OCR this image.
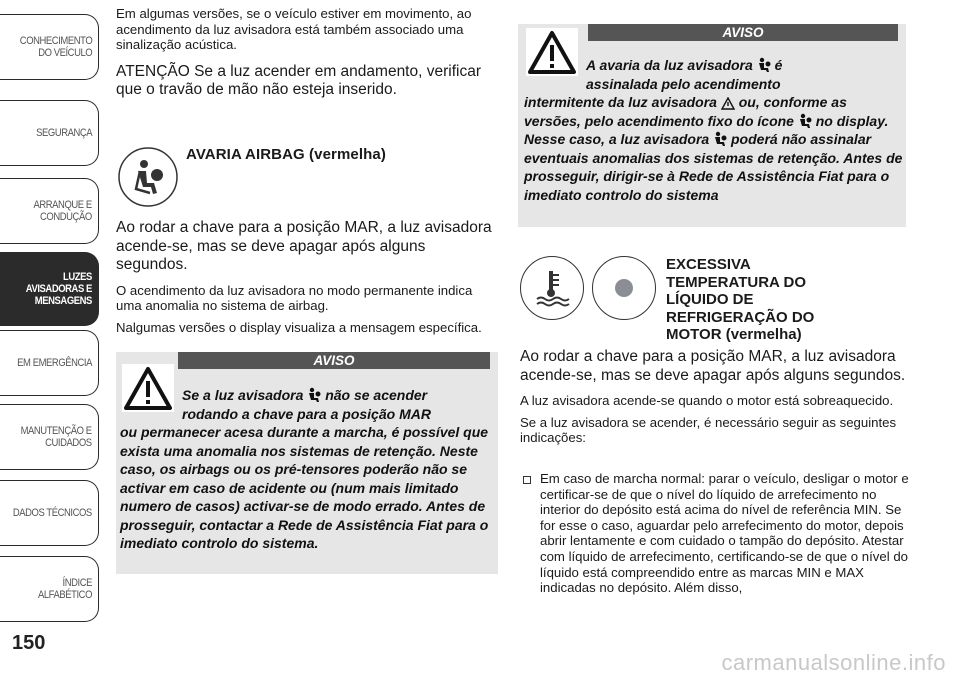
CONHECIMENTO
DO VEÍCULO
SEGURANÇA
ARRANQUE E
CONDUÇÃO
LUZES
AVISADORAS E
MENSAGENS
EM EMERGÊNCIA
MANUTENÇÃO E
CUIDADOS
DADOS TÉCNICOS
ÍNDICE ALFABÉTICO
150

Em algumas versões, se o veículo estiver em movimento, ao acendimento da luz avisadora está também associado uma sinalização acústica.

ATENÇÃO Se a luz acender em andamento, verificar que o travão de mão não esteja inserido.

AVARIA AIRBAG (vermelha)

Ao rodar a chave para a posição MAR, a luz avisadora acende-se, mas se deve apagar após alguns segundos.

O acendimento da luz avisadora no modo permanente indica uma anomalia no sistema de airbag.

Nalgumas versões o display visualiza a mensagem específica.

AVISO
Se a luz avisadora não se acender
rodando a chave para a posição MAR
ou permanecer acesa durante a marcha, é possível que exista uma anomalia nos sistemas de retenção. Neste caso, os airbags ou os pré-tensores poderão não se activar em caso de acidente ou (num mais limitado numero de casos) activar-se de modo errado. Antes de prosseguir, contactar a Rede de Assistência Fiat para o imediato controlo do sistema.
AVISO
A avaria da luz avisadora é
assinalada pelo acendimento
intermitente da luz avisadora ou, conforme as versões, pelo acendimento fixo do ícone no display. Nesse caso, a luz avisadora poderá não assinalar eventuais anomalias dos sistemas de retenção. Antes de prosseguir, dirigir-se à Rede de Assistência Fiat para o imediato controlo do sistema
EXCESSIVA TEMPERATURA DO LÍQUIDO DE REFRIGERAÇÃO DO MOTOR (vermelha)

Ao rodar a chave para a posição MAR, a luz avisadora acende-se, mas se deve apagar após alguns segundos.

A luz avisadora acende-se quando o motor está sobreaquecido.

Se a luz avisadora se acender, é necessário seguir as seguintes indicações:

Em caso de marcha normal: parar o veículo, desligar o motor e certificar-se de que o nível do líquido de arrefecimento no interior do depósito está acima do nível de referência MIN. Se for esse o caso, aguardar pelo arrefecimento do motor, depois abrir lentamente e com cuidado o tampão do depósito. Atestar com líquido de arrefecimento, certificando-se de que o nível do líquido está compreendido entre as marcas MIN e MAX indicadas no depósito. Além disso,
carmanualsonline.info
